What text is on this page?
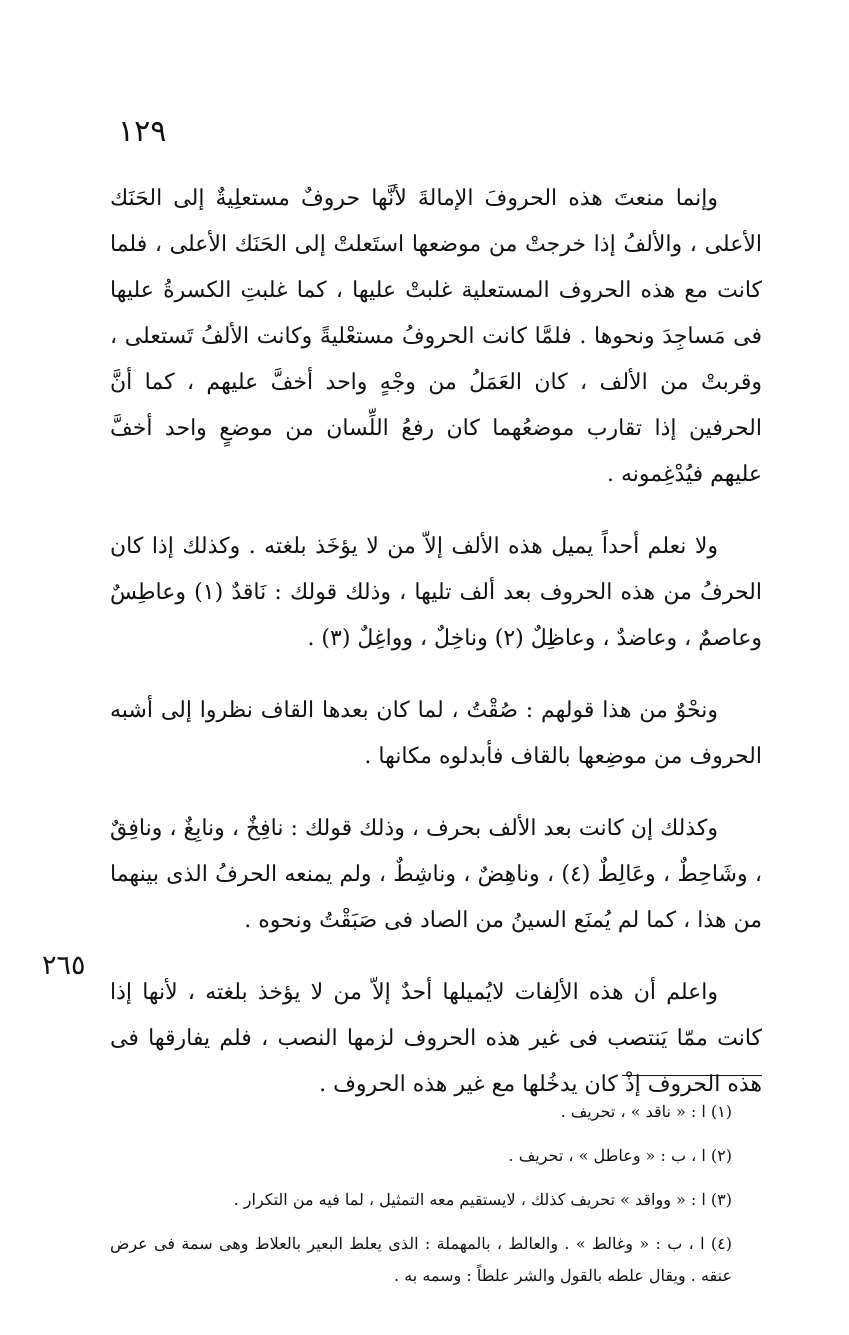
١٢٩

وإنما منعتَ هذه الحروفَ الإمالةَ لأنَّها حروفٌ مستعلِيةٌ إلى الحَنَك الأعلى ، والألفُ إذا خرجتْ من موضعها استَعلتْ إلى الحَنَك الأعلى ، فلما كانت مع هذه الحروف المستعلية غلبتْ عليها ، كما غلبتِ الكسرةُ عليها فى مَساجِدَ ونحوها . فلمَّا كانت الحروفُ مستعْليةً وكانت الألفُ تَستعلى ، وقربتْ من الألف ، كان العَمَلُ من وجْهٍ واحد أخفَّ عليهم ، كما أنَّ الحرفين إذا تقارب موضعُهما كان رفعُ اللِّسان من موضعٍ واحد أخفَّ عليهم فيُدْغِمونه .

ولا نعلم أحداً يميل هذه الألف إلاّ من لا يؤخَذ بلغته . وكذلك إذا كان الحرفُ من هذه الحروف بعد ألف تليها ، وذلك قولك : نَاقدٌ (١) وعاطِسٌ وعاصمٌ ، وعاضدٌ ، وعاظِلٌ (٢) وناخِلٌ ، وواغِلٌ (٣) .

ونحْوٌ من هذا قولهم : صُقْتُ ، لما كان بعدها القاف نظروا إلى أشبه الحروف من موضِعها بالقاف فأبدلوه مكانها .

وكذلك إن كانت بعد الألف بحرف ، وذلك قولك : نافِخٌ ، ونابِغٌ ، ونافِقٌ ، وشَاحِطٌ ، وعَالِطٌ (٤) ، وناهِضٌ ، وناشِطٌ ، ولم يمنعه الحرفُ الذى بينهما من هذا ، كما لم يُمنَع السينُ من الصاد فى صَبَقْتُ ونحوه .

واعلم أن هذه الألِفات لايُميلها أحدٌ إلاّ من لا يؤخذ بلغته ، لأنها إذا كانت ممّا يَنتصب فى غير هذه الحروف لزمها النصب ، فلم يفارقها فى هذه الحروف إذْ كان يدخُلها مع غير هذه الحروف .

٢٦٥

(١) ا : « ناقد » ، تحريف .

(٢) ا ، ب : « وعاطل » ، تحريف .

(٣) ا : « وواقد » تحريف كذلك ، لايستقيم معه التمثيل ، لما فيه من التكرار .

(٤) ا ، ب : « وغالط » . والعالط ، بالمهملة : الذى يعلط البعير بالعلاط وهى سمة فى عرض عنقه . ويقال علطه بالقول والشر علطاً : وسمه به .
